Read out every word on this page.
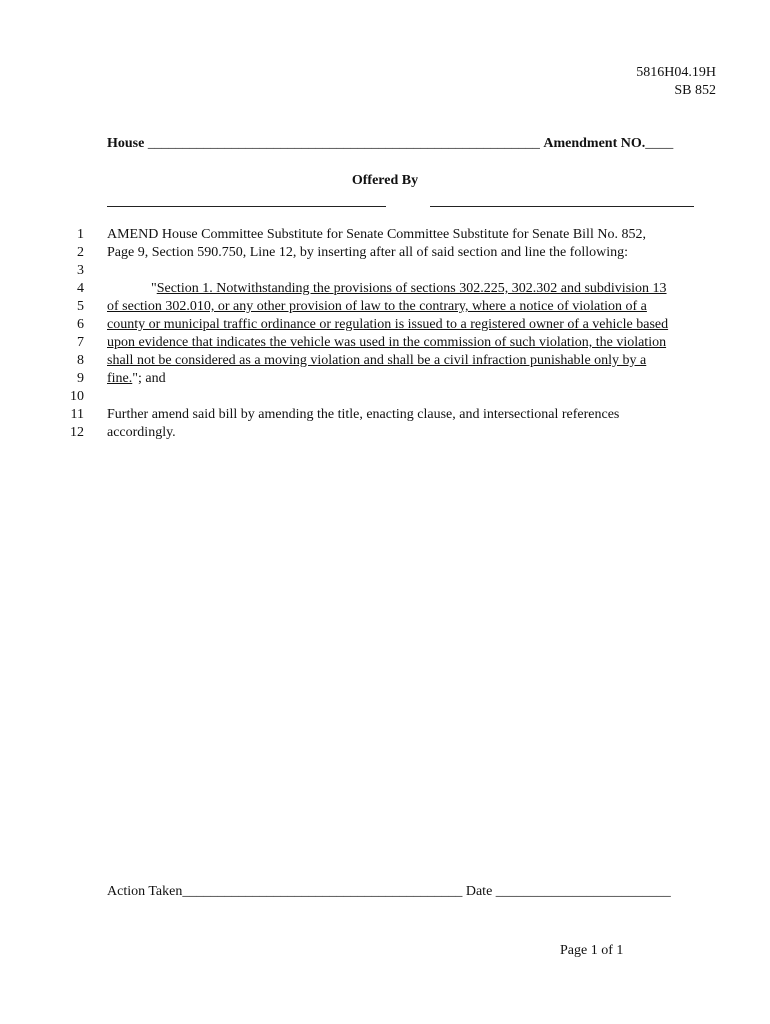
5816H04.19H
SB 852
House ________________________________________________________ Amendment NO.____
Offered By
1 AMEND House Committee Substitute for Senate Committee Substitute for Senate Bill No. 852,
2 Page 9, Section 590.750, Line 12, by inserting after all of said section and line the following:
3
4	"Section 1. Notwithstanding the provisions of sections 302.225, 302.302 and subdivision 13
5 of section 302.010, or any other provision of law to the contrary, where a notice of violation of a
6 county or municipal traffic ordinance or regulation is issued to a registered owner of a vehicle based
7 upon evidence that indicates the vehicle was used in the commission of such violation, the violation
8 shall not be considered as a moving violation and shall be a civil infraction punishable only by a
9 fine."; and
10
11 Further amend said bill by amending the title, enacting clause, and intersectional references
12 accordingly.
Action Taken________________________________________ Date _________________________
Page 1 of 1
